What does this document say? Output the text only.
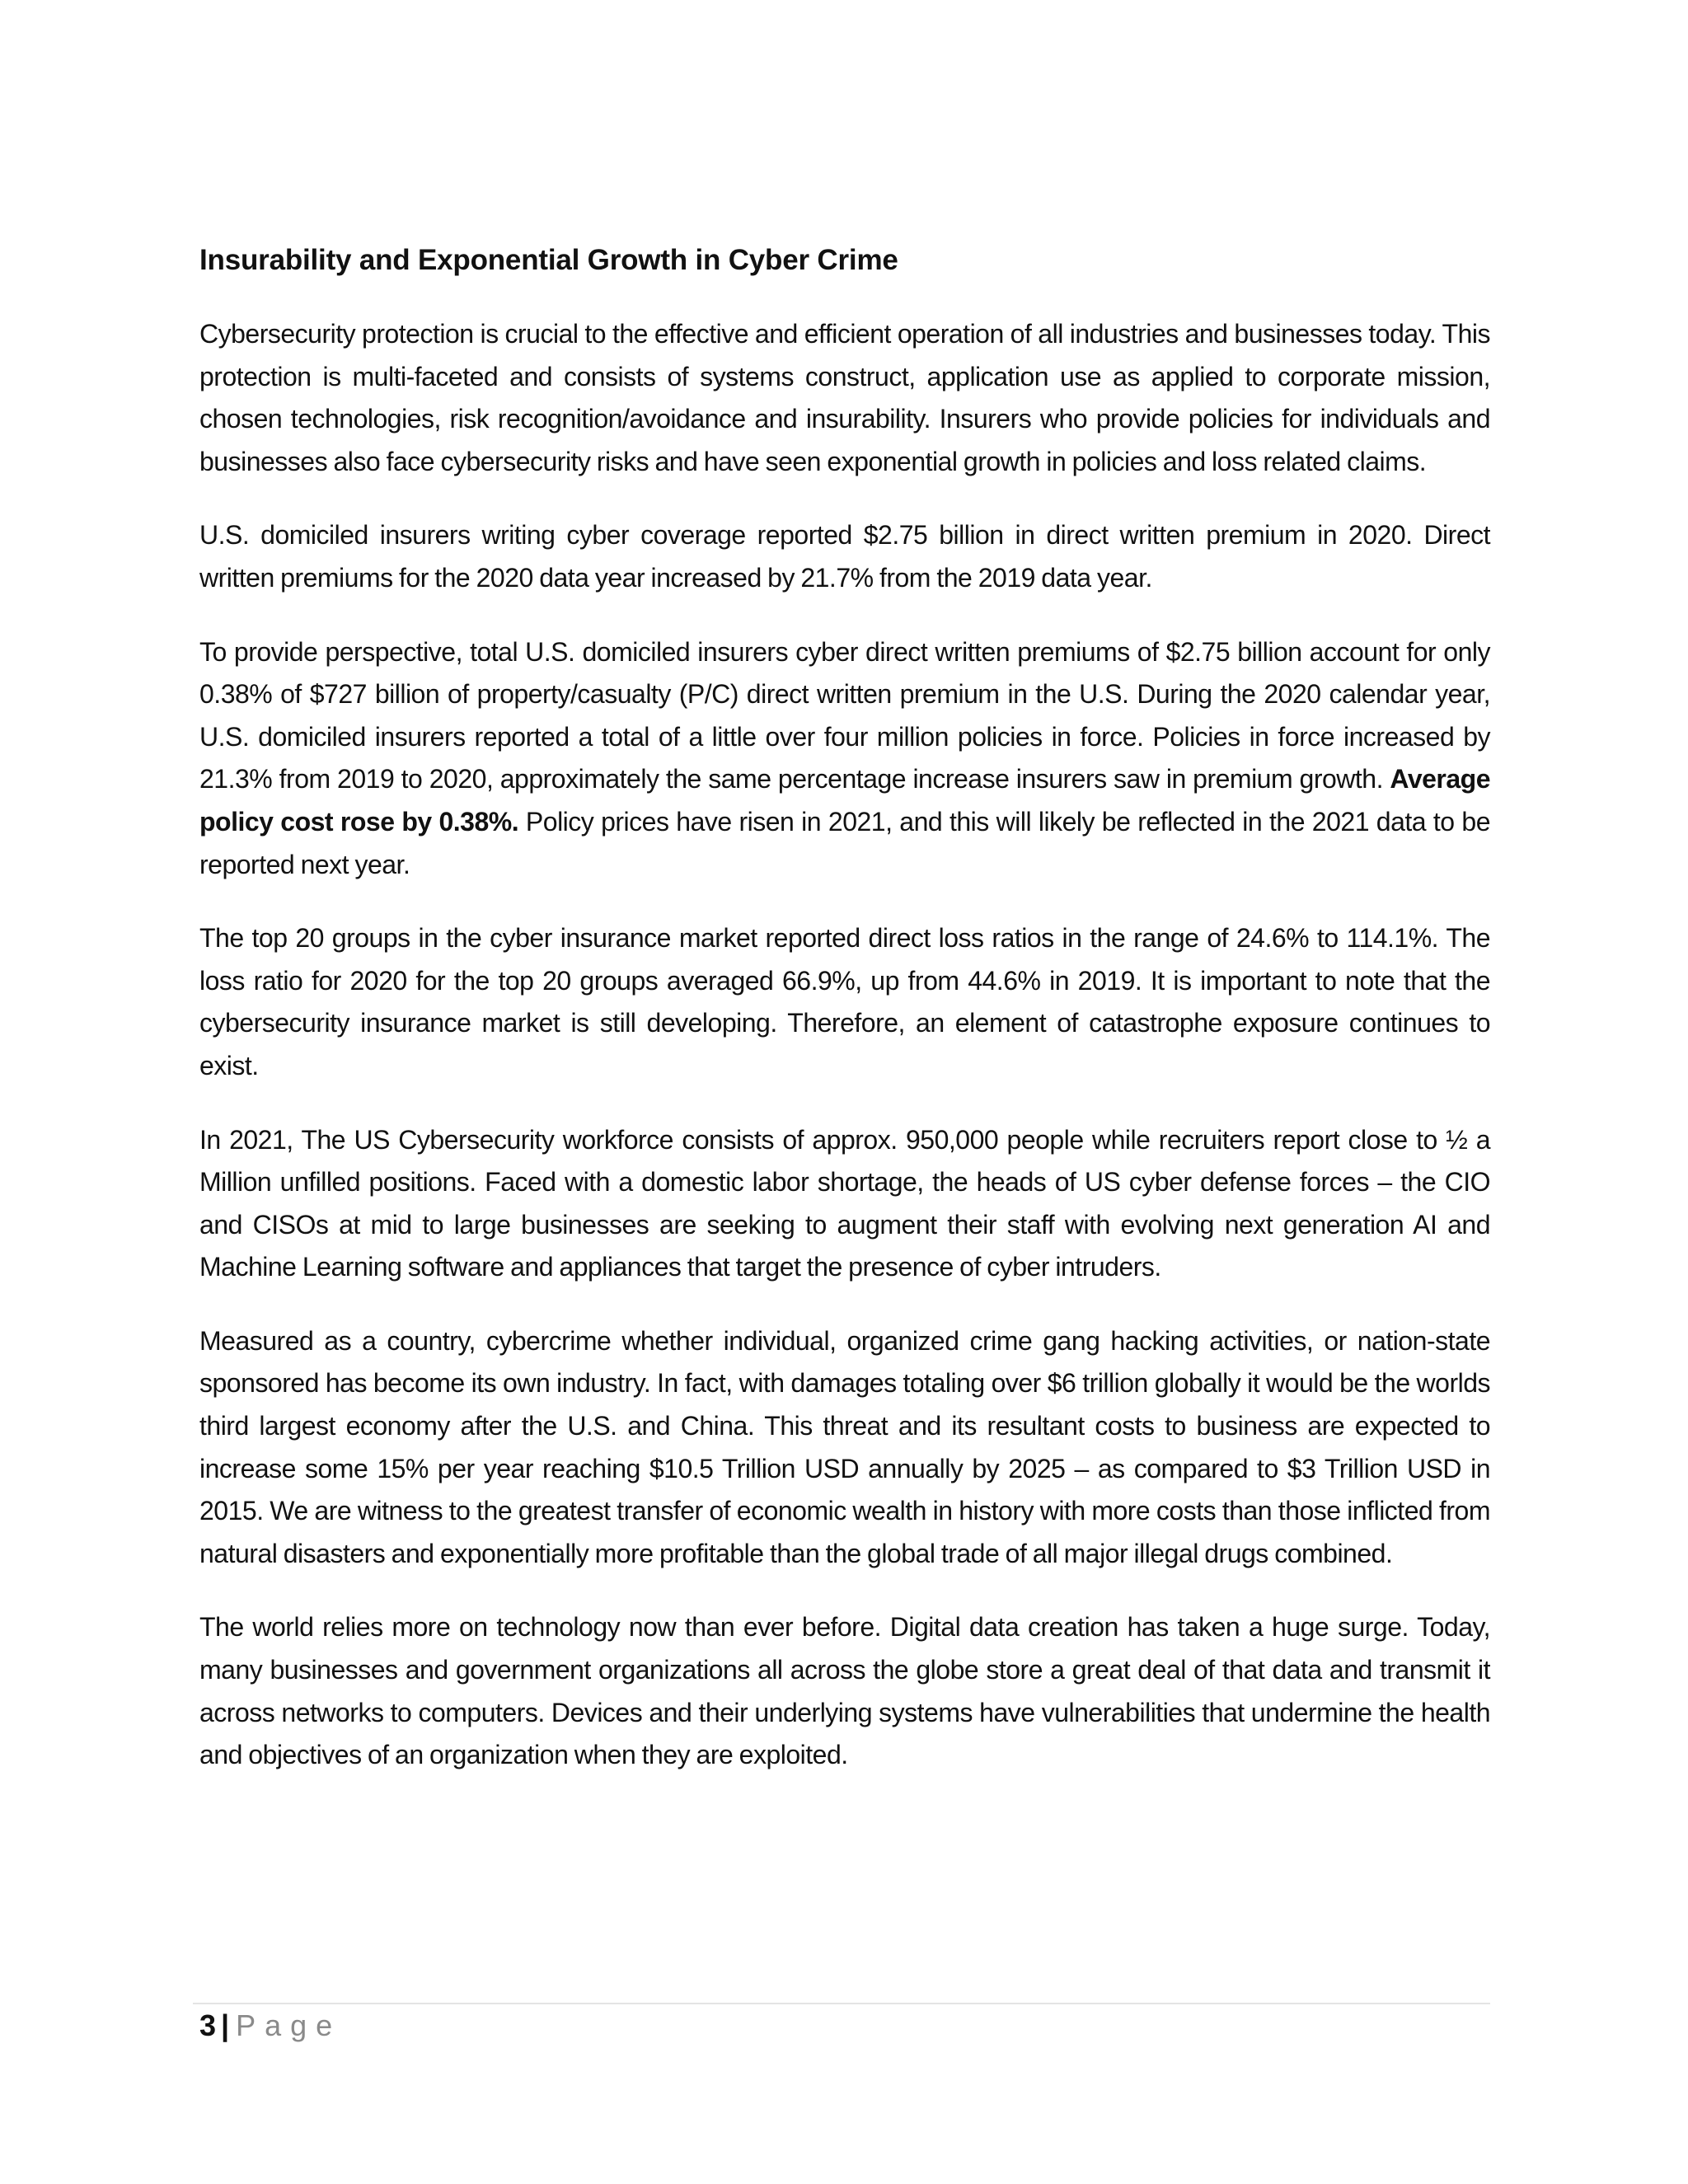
Insurability and Exponential Growth in Cyber Crime

Cybersecurity protection is crucial to the effective and efficient operation of all industries and businesses today. This protection is multi-faceted and consists of systems construct, application use as applied to corporate mission, chosen technologies, risk recognition/avoidance and insurability. Insurers who provide policies for individuals and businesses also face cybersecurity risks and have seen exponential growth in policies and loss related claims.

U.S. domiciled insurers writing cyber coverage reported $2.75 billion in direct written premium in 2020. Direct written premiums for the 2020 data year increased by 21.7% from the 2019 data year.

To provide perspective, total U.S. domiciled insurers cyber direct written premiums of $2.75 billion account for only 0.38% of $727 billion of property/casualty (P/C) direct written premium in the U.S. During the 2020 calendar year, U.S. domiciled insurers reported a total of a little over four million policies in force. Policies in force increased by 21.3% from 2019 to 2020, approximately the same percentage increase insurers saw in premium growth. Average policy cost rose by 0.38%. Policy prices have risen in 2021, and this will likely be reflected in the 2021 data to be reported next year.

The top 20 groups in the cyber insurance market reported direct loss ratios in the range of 24.6% to 114.1%. The loss ratio for 2020 for the top 20 groups averaged 66.9%, up from 44.6% in 2019. It is important to note that the cybersecurity insurance market is still developing. Therefore, an element of catastrophe exposure continues to exist.

In 2021, The US Cybersecurity workforce consists of approx. 950,000 people while recruiters report close to ½ a Million unfilled positions. Faced with a domestic labor shortage, the heads of US cyber defense forces – the CIO and CISOs at mid to large businesses are seeking to augment their staff with evolving next generation AI and Machine Learning software and appliances that target the presence of cyber intruders.

Measured as a country, cybercrime whether individual, organized crime gang hacking activities, or nation-state sponsored has become its own industry. In fact, with damages totaling over $6 trillion globally it would be the worlds third largest economy after the U.S. and China. This threat and its resultant costs to business are expected to increase some 15% per year reaching $10.5 Trillion USD annually by 2025 – as compared to $3 Trillion USD in 2015. We are witness to the greatest transfer of economic wealth in history with more costs than those inflicted from natural disasters and exponentially more profitable than the global trade of all major illegal drugs combined.

The world relies more on technology now than ever before. Digital data creation has taken a huge surge. Today, many businesses and government organizations all across the globe store a great deal of that data and transmit it across networks to computers. Devices and their underlying systems have vulnerabilities that undermine the health and objectives of an organization when they are exploited.

3 | Page
